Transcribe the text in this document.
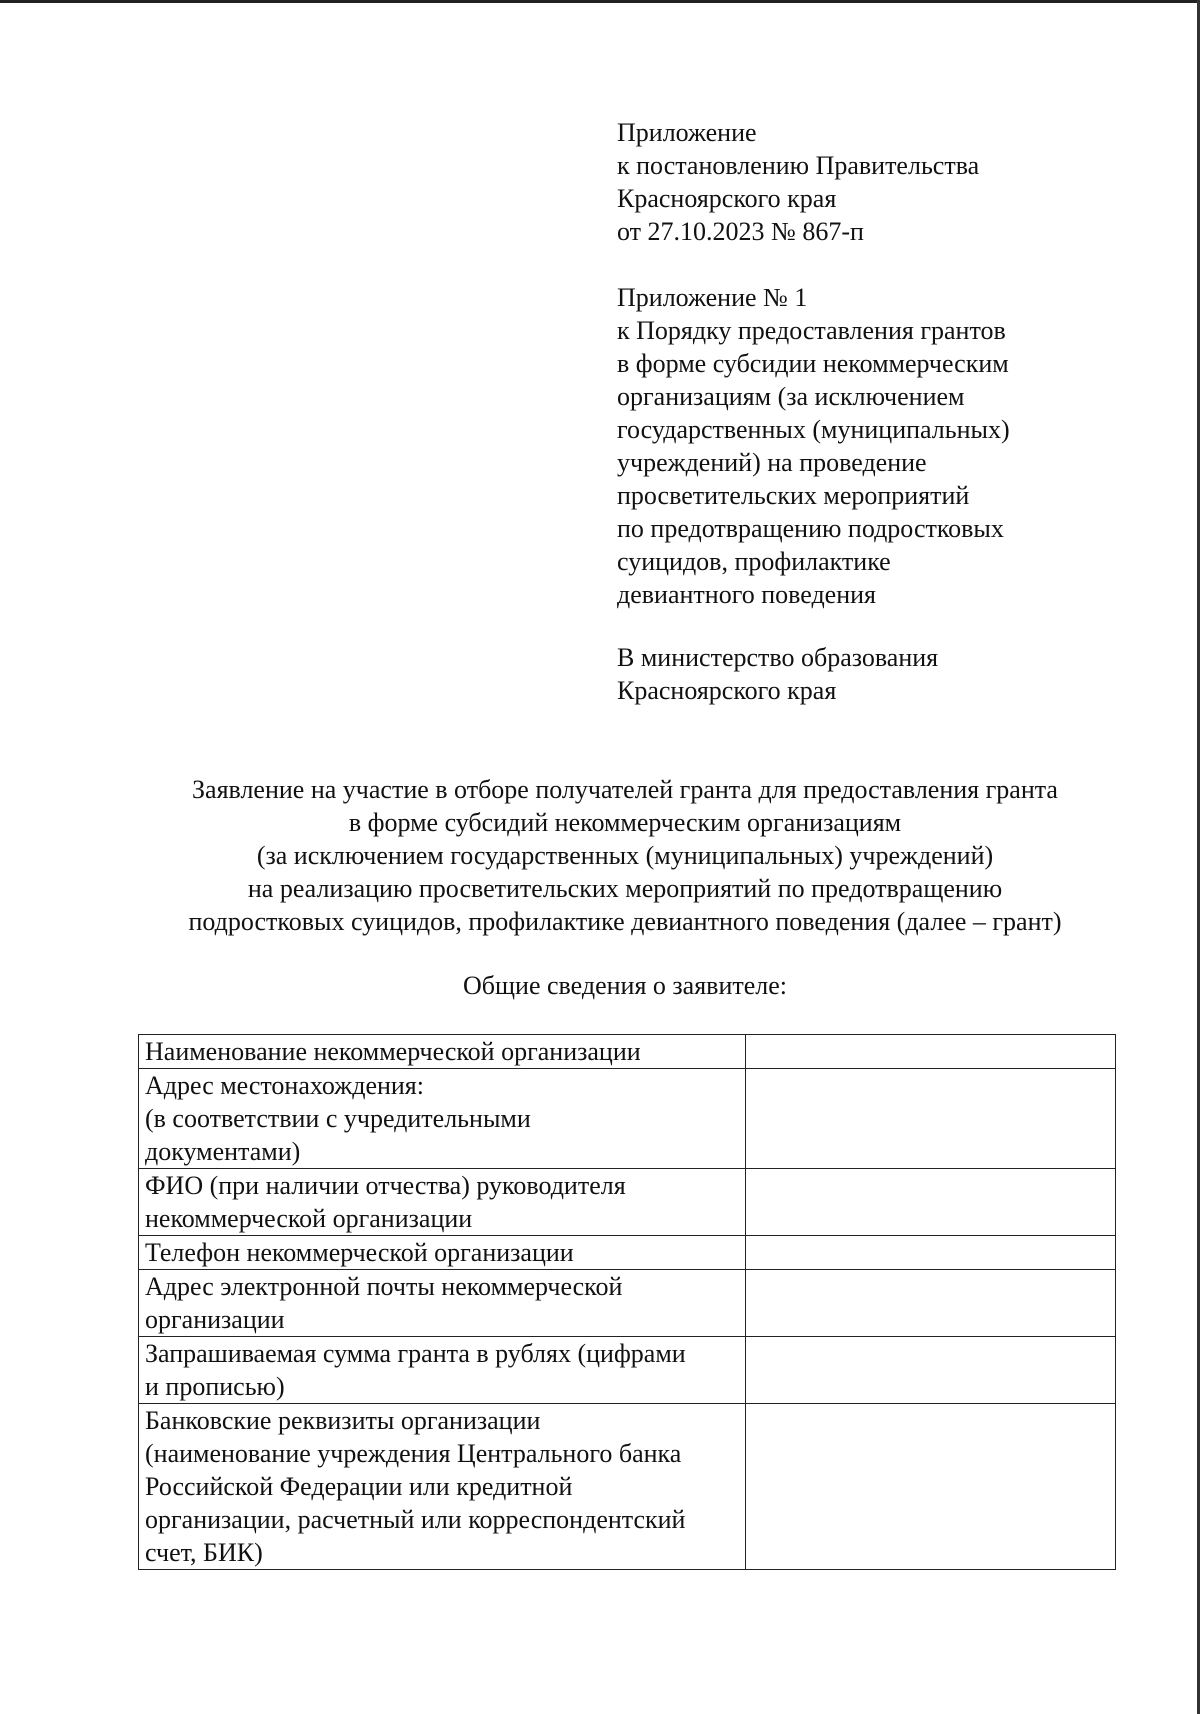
Приложение
к постановлению Правительства
Красноярского края
от 27.10.2023 № 867-п
Приложение № 1
к Порядку предоставления грантов
в форме субсидии некоммерческим
организациям (за исключением
государственных (муниципальных)
учреждений) на проведение
просветительских мероприятий
по предотвращению подростковых
суицидов, профилактике
девиантного поведения
В министерство образования
Красноярского края
Заявление на участие в отборе получателей гранта для предоставления гранта
в форме субсидий некоммерческим организациям
(за исключением государственных (муниципальных) учреждений)
на реализацию просветительских мероприятий по предотвращению
подростковых суицидов, профилактике девиантного поведения (далее – грант)
Общие сведения о заявителе:
Наименование некоммерческой организации	

Адрес местонахождения:
(в соответствии с учредительными
документами)	

ФИО (при наличии отчества) руководителя
некоммерческой организации	

Телефон некоммерческой организации	

Адрес электронной почты некоммерческой
организации	

Запрашиваемая сумма гранта в рублях (цифрами
и прописью)	

Банковские реквизиты организации
(наименование учреждения Центрального банка
Российской Федерации или кредитной
организации, расчетный или корреспондентский
счет, БИК)	
